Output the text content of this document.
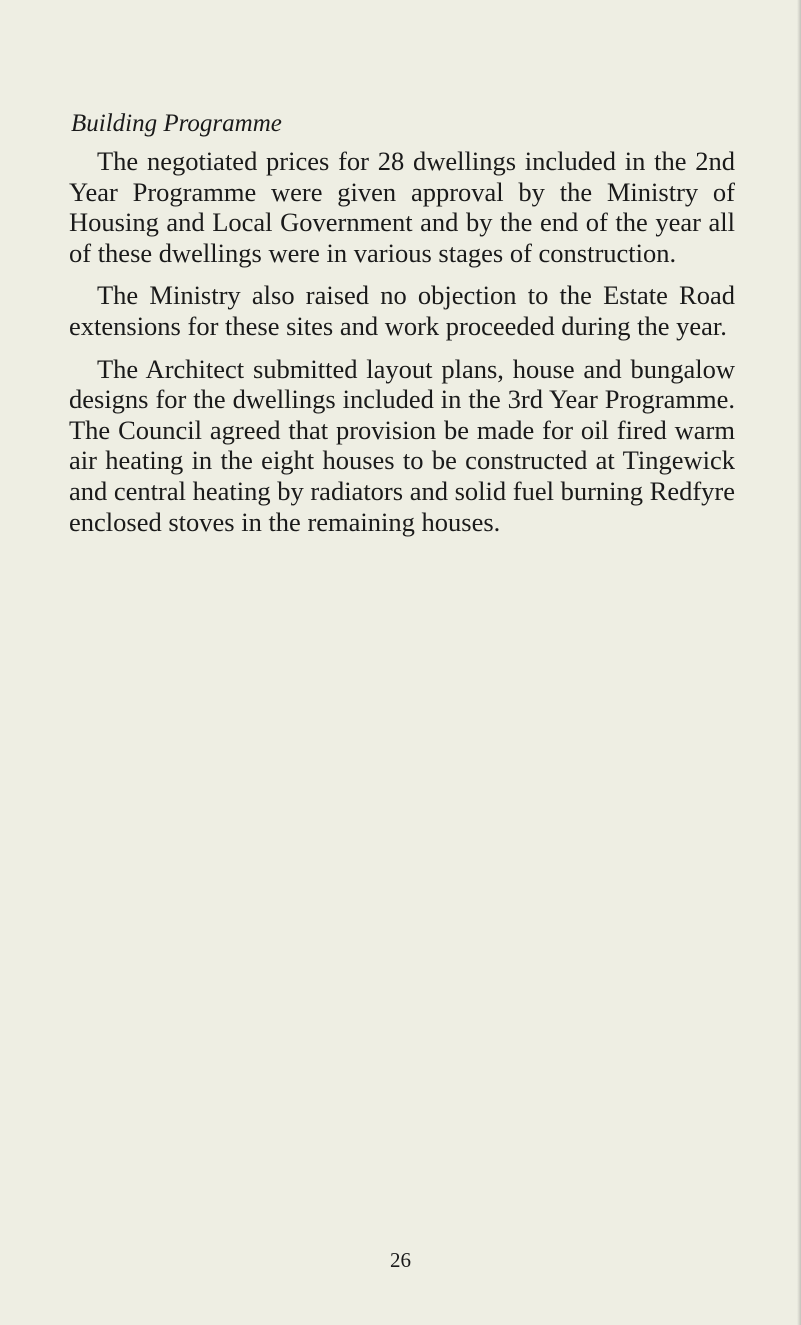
Building Programme

The negotiated prices for 28 dwellings included in the 2nd Year Programme were given approval by the Ministry of Housing and Local Government and by the end of the year all of these dwellings were in various stages of construction.

The Ministry also raised no objection to the Estate Road extensions for these sites and work proceeded during the year.

The Architect submitted layout plans, house and bungalow designs for the dwellings included in the 3rd Year Programme. The Council agreed that provision be made for oil fired warm air heating in the eight houses to be constructed at Tingewick and central heating by radiators and solid fuel burning Redfyre enclosed stoves in the remaining houses.

26
